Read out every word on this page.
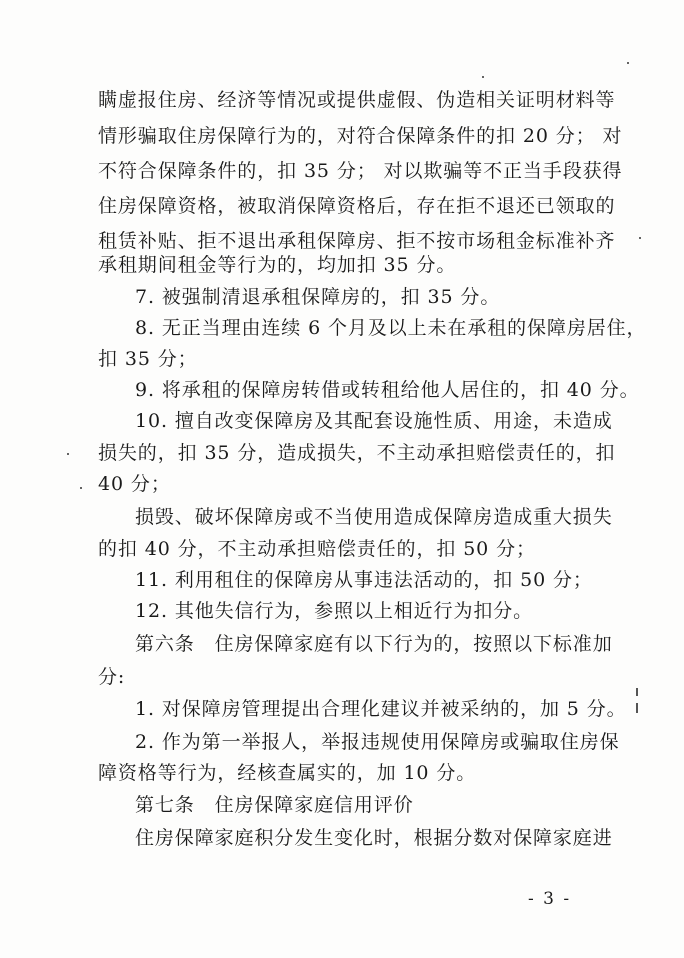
瞒虚报住房、经济等情况或提供虚假、伪造相关证明材料等
情形骗取住房保障行为的，对符合保障条件的扣 20 分； 对
不符合保障条件的，扣 35 分； 对以欺骗等不正当手段获得
住房保障资格，被取消保障资格后，存在拒不退还已领取的
租赁补贴、拒不退出承租保障房、拒不按市场租金标准补齐
承租期间租金等行为的，均加扣 35 分。
7. 被强制清退承租保障房的，扣 35 分。
8. 无正当理由连续 6 个月及以上未在承租的保障房居住，
扣 35 分；
9. 将承租的保障房转借或转租给他人居住的，扣 40 分。
10. 擅自改变保障房及其配套设施性质、用途，未造成
损失的，扣 35 分，造成损失，不主动承担赔偿责任的，扣
40 分；
损毁、破坏保障房或不当使用造成保障房造成重大损失
的扣 40 分，不主动承担赔偿责任的，扣 50 分；
11. 利用租住的保障房从事违法活动的，扣 50 分；
12. 其他失信行为，参照以上相近行为扣分。
第六条　住房保障家庭有以下行为的，按照以下标准加
分:
1. 对保障房管理提出合理化建议并被采纳的，加 5 分。
2. 作为第一举报人，举报违规使用保障房或骗取住房保
障资格等行为，经核查属实的，加 10 分。
第七条　住房保障家庭信用评价
住房保障家庭积分发生变化时，根据分数对保障家庭进
- 3 -
